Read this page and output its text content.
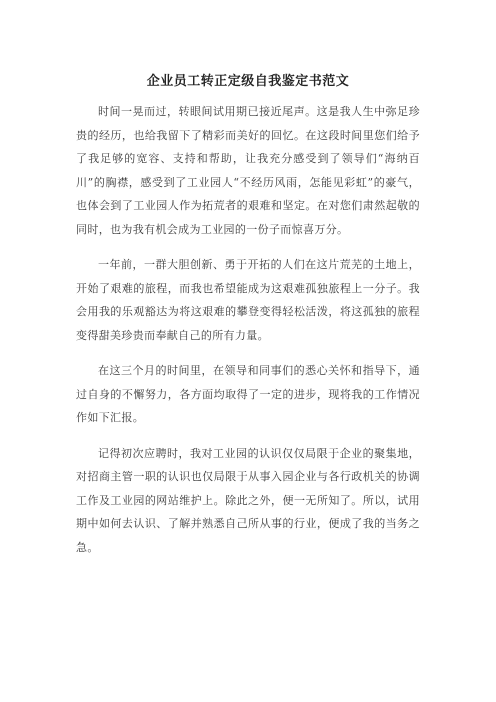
企业员工转正定级自我鉴定书范文

时间一晃而过，转眼间试用期已接近尾声。这是我人生中弥足珍贵的经历，也给我留下了精彩而美好的回忆。在这段时间里您们给予了我足够的宽容、支持和帮助，让我充分感受到了领导们“海纳百川”的胸襟，感受到了工业园人“不经历风雨，怎能见彩虹”的豪气，也体会到了工业园人作为拓荒者的艰难和坚定。在对您们肃然起敬的同时，也为我有机会成为工业园的一份子而惊喜万分。

一年前，一群大胆创新、勇于开拓的人们在这片荒芜的土地上，开始了艰难的旅程，而我也希望能成为这艰难孤独旅程上一分子。我会用我的乐观豁达为将这艰难的攀登变得轻松活泼，将这孤独的旅程变得甜美珍贵而奉献自己的所有力量。

在这三个月的时间里，在领导和同事们的悉心关怀和指导下，通过自身的不懈努力，各方面均取得了一定的进步，现将我的工作情况作如下汇报。

记得初次应聘时，我对工业园的认识仅仅局限于企业的聚集地，对招商主管一职的认识也仅局限于从事入园企业与各行政机关的协调工作及工业园的网站维护上。除此之外，便一无所知了。所以，试用期中如何去认识、了解并熟悉自己所从事的行业，便成了我的当务之急。
